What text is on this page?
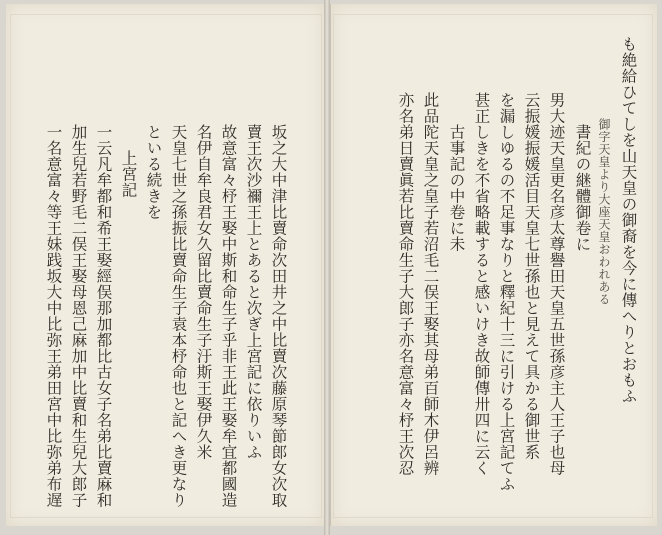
も絶給ひてしを山天皇の御裔を今に傳へりとおもふ
御字天皇より大座天皇おわれある
書紀の継體御卷に
男大迹天皇更名彦太尊譽田天皇五世孫彦主人王子也母
云振媛振媛活目天皇七世孫也と見えて具かる御世系
を漏しゆるの不足事なりと釋紀十三に引ける上宮記てふ
甚正しきを不省略載すると感いけき故師傳卅四に云く
古事記の中卷に未
此品陀天皇之皇子若沼毛二俣王娶其母弟百師木伊呂辨
亦名弟日賣眞若比賣命生子大郎子亦名意富々杼王次忍
坂之大中津比賣命次田井之中比賣次藤原琴節郎女次取
賣王次沙禰王上とあると次ぎ上宮記に依りいふ
故意富々杼王娶中斯和命生子乎非王此王娶牟宜都國造
名伊自牟良君女久留比賣命生子汙斯王娶伊久米
天皇七世之孫振比賣命生子袁本杼命也と記へき更なり
といる続きを
上宮記
一云凡牟都和希王娶經俣那加都比古女子名弟比賣麻和
加生兒若野毛二俣王娶母恩己麻加中比賣和生兒大郎子
一名意富々等王妹践坂大中比弥王弟田宮中比弥弟布遅
